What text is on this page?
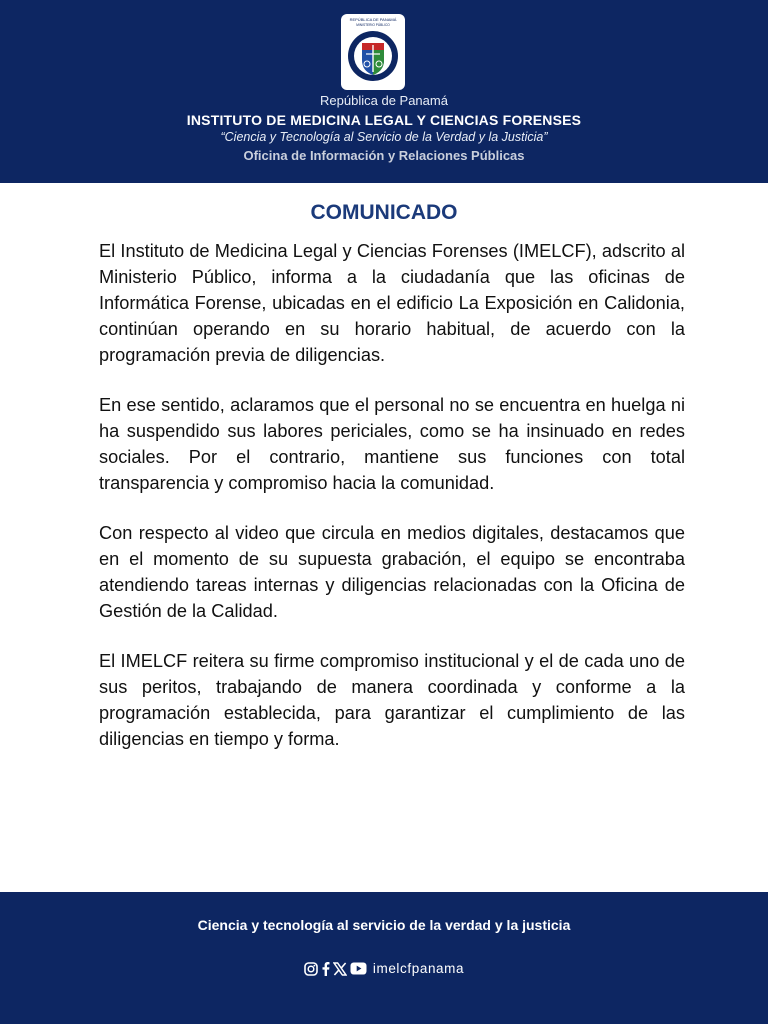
REPÚBLICA DE PANAMÁ
MINISTERIO PÚBLICO
República de Panamá
INSTITUTO DE MEDICINA LEGAL Y CIENCIAS FORENSES
“Ciencia y Tecnología al Servicio de la Verdad y la Justicia”
Oficina de Información y Relaciones Públicas
COMUNICADO

El Instituto de Medicina Legal y Ciencias Forenses (IMELCF), adscrito al Ministerio Público, informa a la ciudadanía que las oficinas de Informática Forense, ubicadas en el edificio La Exposición en Calidonia, continúan operando en su horario habitual, de acuerdo con la programación previa de diligencias.

En ese sentido, aclaramos que el personal no se encuentra en huelga ni ha suspendido sus labores periciales, como se ha insinuado en redes sociales. Por el contrario, mantiene sus funciones con total transparencia y compromiso hacia la comunidad.

Con respecto al video que circula en medios digitales, destacamos que en el momento de su supuesta grabación, el equipo se encontraba atendiendo tareas internas y diligencias relacionadas con la Oficina de Gestión de la Calidad.

El IMELCF reitera su firme compromiso institucional y el de cada uno de sus peritos, trabajando de manera coordinada y conforme a la programación establecida, para garantizar el cumplimiento de las diligencias en tiempo y forma.

Ciencia y tecnología al servicio de la verdad y la justicia
imelcfpanama
